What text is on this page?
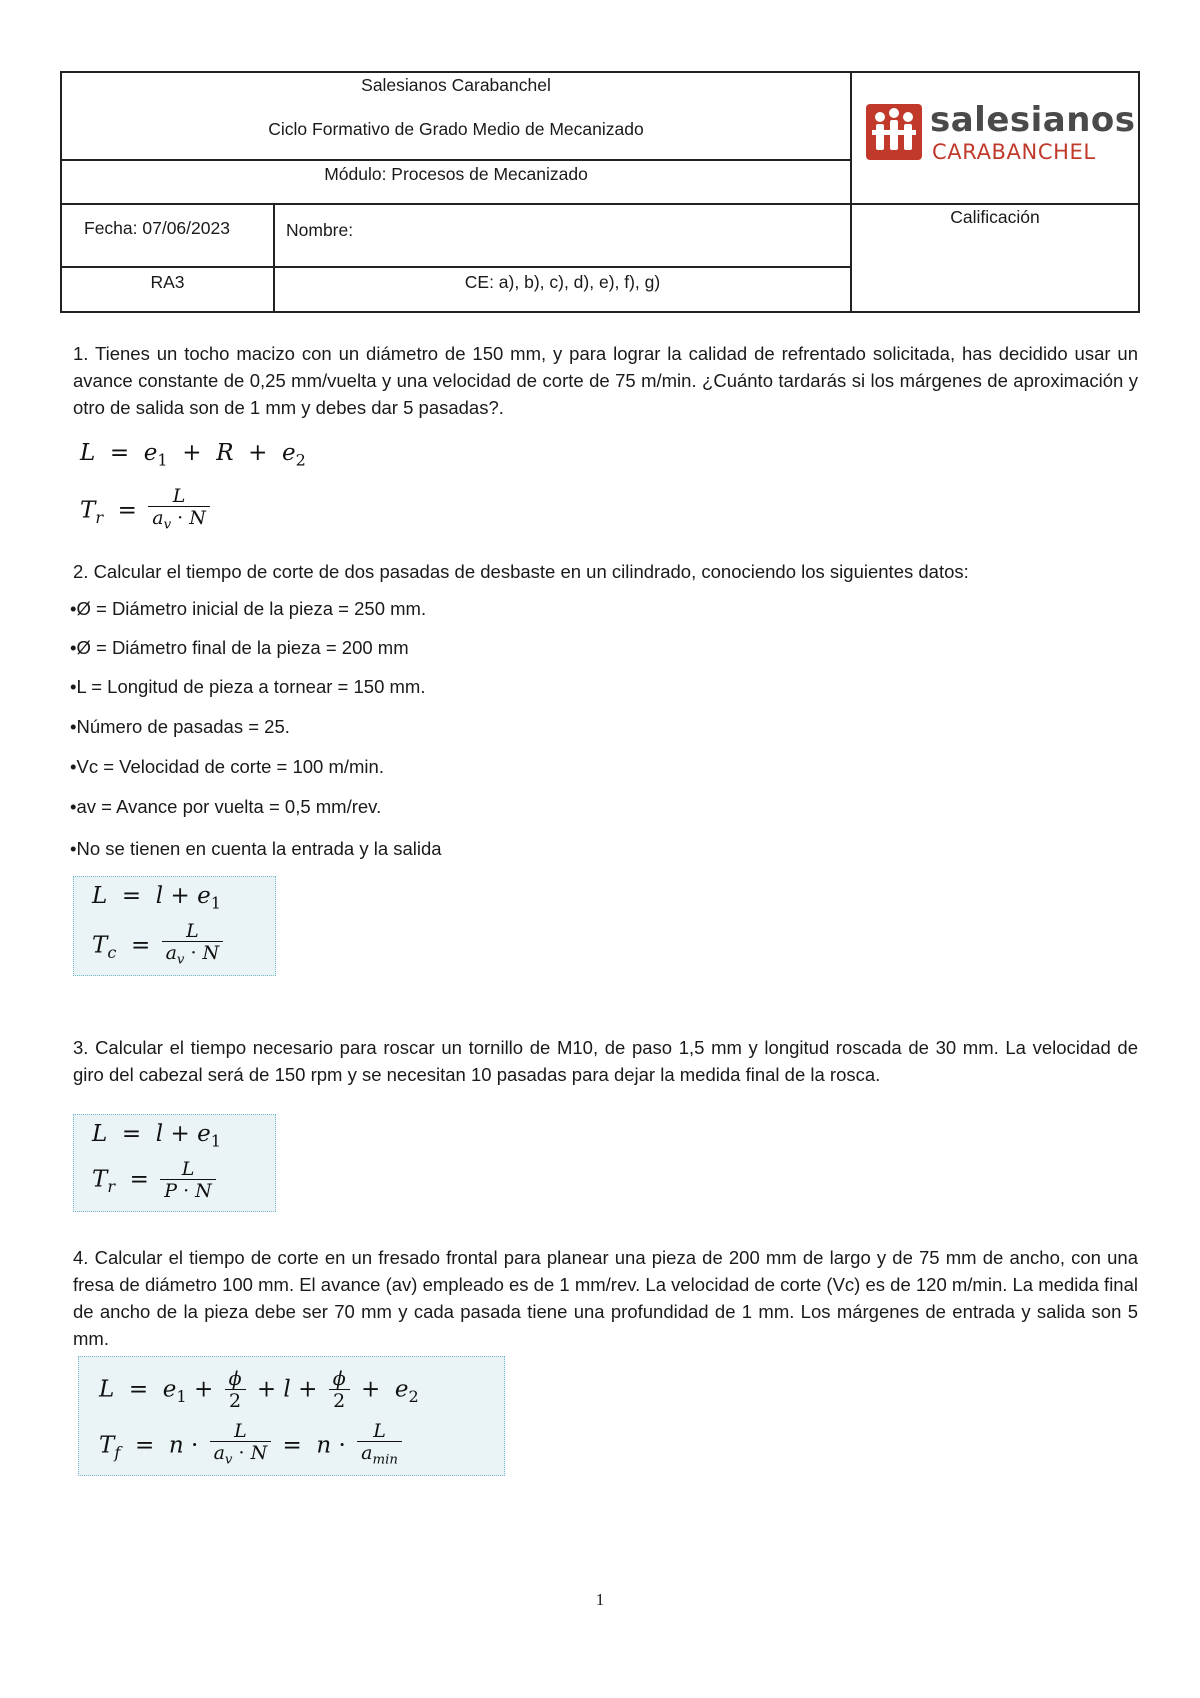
Salesianos Carabanchel
Ciclo Formativo de Grado Medio de Mecanizado
Módulo: Procesos de Mecanizado
Fecha: 07/06/2023	Nombre:
Calificación
RA3	CE: a), b), c), d), e), f), g)
salesianos
CARABANCHEL
1. Tienes un tocho macizo con un diámetro de 150 mm, y para lograr la calidad de refrentado solicitada, has decidido usar un avance constante de 0,25 mm/vuelta y una velocidad de corte de 75 m/min. ¿Cuánto tardarás si los márgenes de aproximación y otro de salida son de 1 mm y debes dar 5 pasadas?.
$L = e_1 + R + e_2$
$T_r = \frac{L}{a_v \cdot N}$
2. Calcular el tiempo de corte de dos pasadas de desbaste en un cilindrado, conociendo los siguientes datos:
•Ø = Diámetro inicial de la pieza = 250 mm.
•Ø = Diámetro final de la pieza = 200 mm
•L = Longitud de pieza a tornear = 150 mm.
•Número de pasadas = 25.
•Vc = Velocidad de corte = 100 m/min.
•av = Avance por vuelta = 0,5 mm/rev.
•No se tienen en cuenta la entrada y la salida
$L = l + e_1$
$T_c = \frac{L}{a_v \cdot N}$
3. Calcular el tiempo necesario para roscar un tornillo de M10, de paso 1,5 mm y longitud roscada de 30 mm. La velocidad de giro del cabezal será de 150 rpm y se necesitan 10 pasadas para dejar la medida final de la rosca.
$L = l + e_1$
$T_r = \frac{L}{P \cdot N}$
4. Calcular el tiempo de corte en un fresado frontal para planear una pieza de 200 mm de largo y de 75 mm de ancho, con una fresa de diámetro 100 mm. El avance (av) empleado es de 1 mm/rev. La velocidad de corte (Vc) es de 120 m/min. La medida final de ancho de la pieza debe ser 70 mm y cada pasada tiene una profundidad de 1 mm. Los márgenes de entrada y salida son 5 mm.
$L = e_1 + \frac{\phi}{2} + l + \frac{\phi}{2} + e_2$
$T_f = n \cdot \frac{L}{a_v \cdot N} = n \cdot \frac{L}{a_{min}}$
1
